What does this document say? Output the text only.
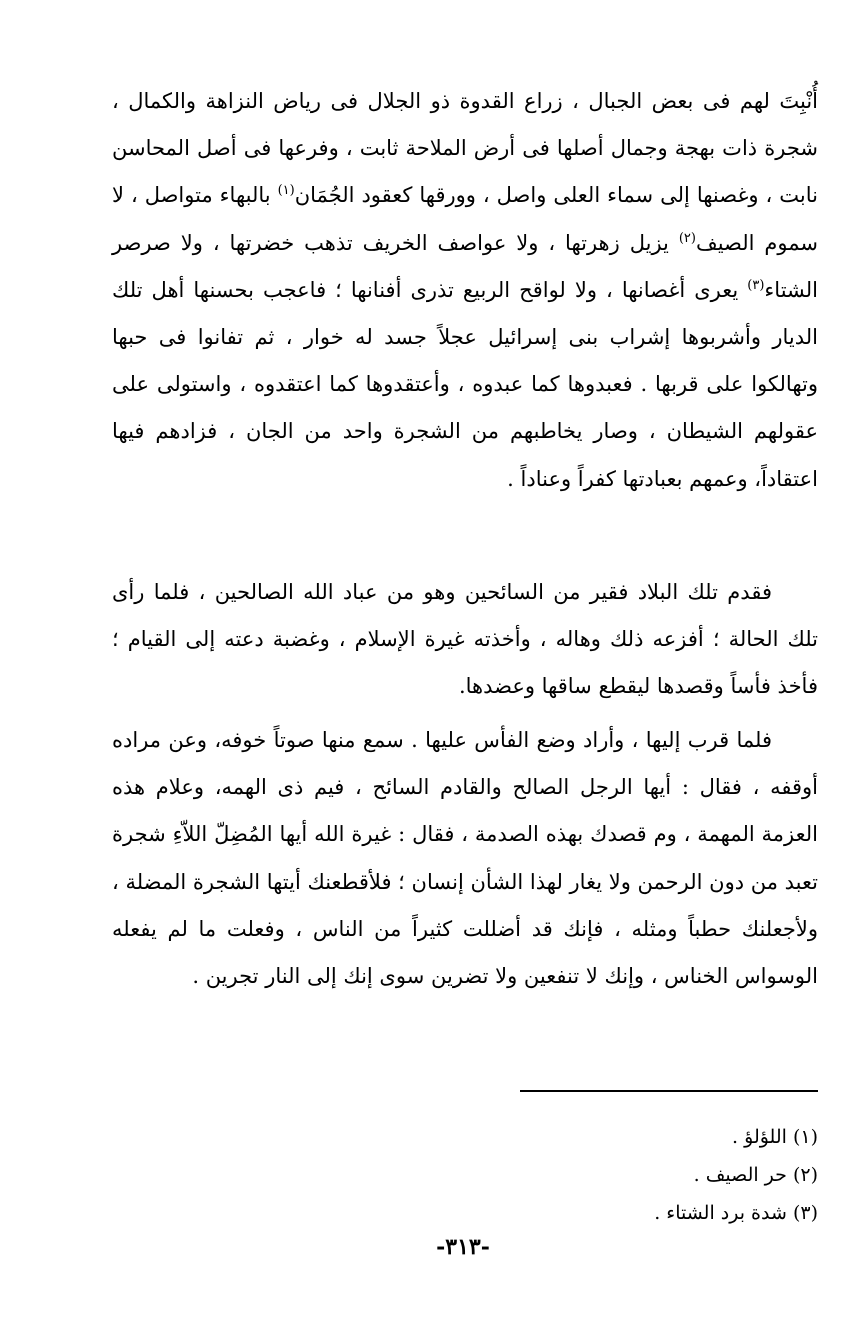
أُنْبِتَ لهم فى بعض الجبال ، زراع القدوة ذو الجلال فى رياض النزاهة والكمال ، شجرة ذات بهجة وجمال أصلها فى أرض الملاحة ثابت ، وفرعها فى أصل المحاسن نابت ، وغصنها إلى سماء العلى واصل ، وورقها كعقود الجُمَان$^{(١)}$ بالبهاء متواصل ، لا سموم الصيف$^{(٢)}$ يزيل زهرتها ، ولا عواصف الخريف تذهب خضرتها ، ولا صرصر الشتاء$^{(٣)}$ يعرى أغصانها ، ولا لواقح الربيع تذرى أفنانها ؛ فاعجب بحسنها أهل تلك الديار وأشربوها إشراب بنى إسرائيل عجلاً جسد له خوار ، ثم تفانوا فى حبها وتهالكوا على قربها . فعبدوها كما عبدوه ، وأعتقدوها كما اعتقدوه ، واستولى على عقولهم الشيطان ، وصار يخاطبهم من الشجرة واحد من الجان ، فزادهم فيها اعتقاداً، وعمهم بعبادتها كفراً وعناداً .

فقدم تلك البلاد فقير من السائحين وهو من عباد الله الصالحين ، فلما رأى تلك الحالة ؛ أفزعه ذلك وهاله ، وأخذته غيرة الإسلام ، وغضبة دعته إلى القيام ؛ فأخذ فأساً وقصدها ليقطع ساقها وعضدها.

فلما قرب إليها ، وأراد وضع الفأس عليها . سمع منها صوتاً خوفه، وعن مراده أوقفه ، فقال : أيها الرجل الصالح والقادم السائح ، فيم ذى الهمه، وعلام هذه العزمة المهمة ، وم قصدك بهذه الصدمة ، فقال : غيرة الله أيها المُضِلّ اللاّءِ شجرة تعبد من دون الرحمن ولا يغار لهذا الشأن إنسان ؛ فلأقطعنك أيتها الشجرة المضلة ، ولأجعلنك حطباً ومثله ، فإنك قد أضللت كثيراً من الناس ، وفعلت ما لم يفعله الوسواس الخناس ، وإنك لا تنفعين ولا تضرين سوى إنك إلى النار تجرين .

(١) اللؤلؤ .
(٢) حر الصيف .
(٣) شدة برد الشتاء .
-٣١٣-
